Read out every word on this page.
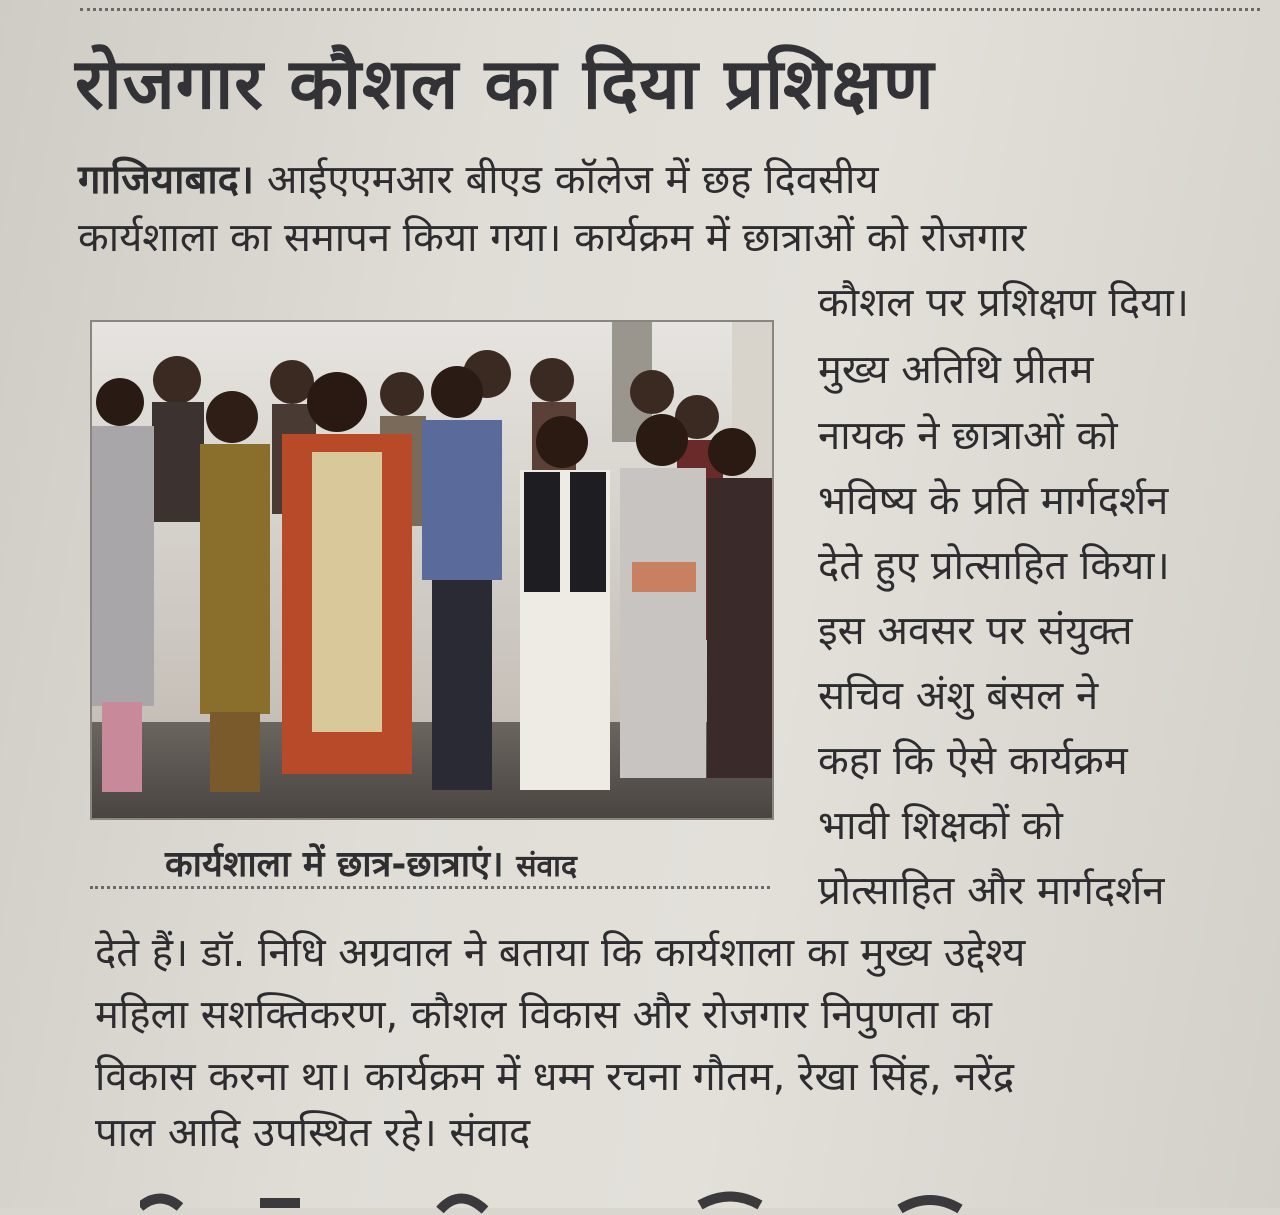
रोजगार कौशल का दिया प्रशिक्षण
गाजियाबाद। आईएएमआर बीएड कॉलेज में छह दिवसीय
कार्यशाला का समापन किया गया। कार्यक्रम में छात्राओं को रोजगार
कौशल पर प्रशिक्षण दिया।
मुख्य अतिथि प्रीतम
नायक ने छात्राओं को
भविष्य के प्रति मार्गदर्शन
देते हुए प्रोत्साहित किया।
इस अवसर पर संयुक्त
सचिव अंशु बंसल ने
कहा कि ऐसे कार्यक्रम
भावी शिक्षकों को
प्रोत्साहित और मार्गदर्शन
देते हैं। डॉ. निधि अग्रवाल ने बताया कि कार्यशाला का मुख्य उद्देश्य
महिला सशक्तिकरण, कौशल विकास और रोजगार निपुणता का
विकास करना था। कार्यक्रम में धम्म रचना गौतम, रेखा सिंह, नरेंद्र
पाल आदि उपस्थित रहे। संवाद
कार्यशाला में छात्र-छात्राएं। संवाद
